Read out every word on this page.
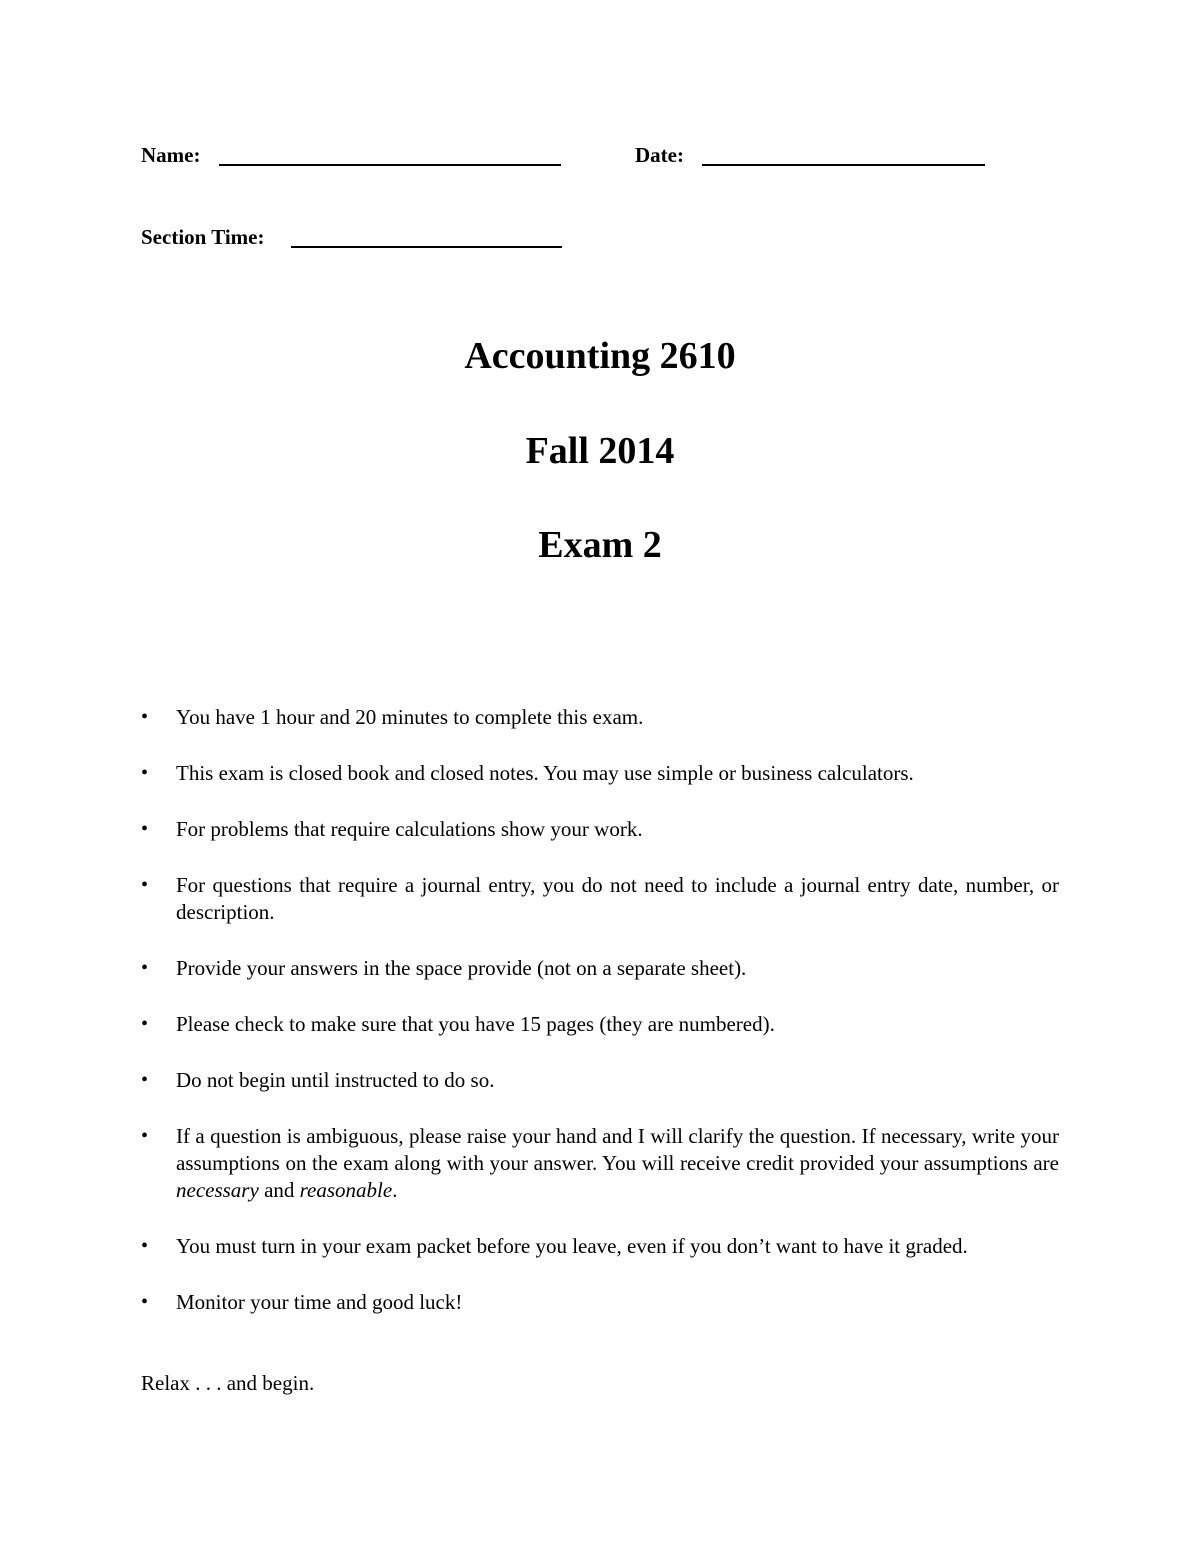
Name:	Date:
Section Time:
Accounting 2610
Fall 2014
Exam 2
• You have 1 hour and 20 minutes to complete this exam.
• This exam is closed book and closed notes. You may use simple or business calculators.
• For problems that require calculations show your work.
• For questions that require a journal entry, you do not need to include a journal entry date, number, or description.
• Provide your answers in the space provide (not on a separate sheet).
• Please check to make sure that you have 15 pages (they are numbered).
• Do not begin until instructed to do so.
• If a question is ambiguous, please raise your hand and I will clarify the question. If necessary, write your assumptions on the exam along with your answer. You will receive credit provided your assumptions are necessary and reasonable.
• You must turn in your exam packet before you leave, even if you don’t want to have it graded.
• Monitor your time and good luck!
Relax . . . and begin.
